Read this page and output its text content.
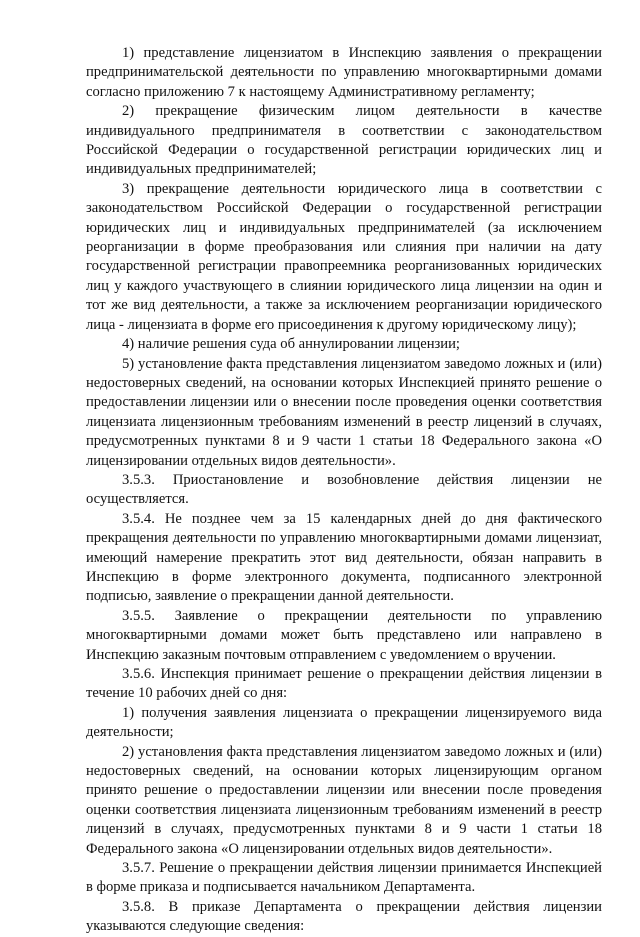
1) представление лицензиатом в Инспекцию заявления о прекращении предпринимательской деятельности по управлению многоквартирными домами согласно приложению 7 к настоящему Административному регламенту;

2) прекращение физическим лицом деятельности в качестве индивидуального предпринимателя в соответствии с законодательством Российской Федерации о государственной регистрации юридических лиц и индивидуальных предпринимателей;

3) прекращение деятельности юридического лица в соответствии с законодательством Российской Федерации о государственной регистрации юридических лиц и индивидуальных предпринимателей (за исключением реорганизации в форме преобразования или слияния при наличии на дату государственной регистрации правопреемника реорганизованных юридических лиц у каждого участвующего в слиянии юридического лица лицензии на один и тот же вид деятельности, а также за исключением реорганизации юридического лица - лицензиата в форме его присоединения к другому юридическому лицу);

4) наличие решения суда об аннулировании лицензии;

5) установление факта представления лицензиатом заведомо ложных и (или) недостоверных сведений, на основании которых Инспекцией принято решение о предоставлении лицензии или о внесении после проведения оценки соответствия лицензиата лицензионным требованиям изменений в реестр лицензий в случаях, предусмотренных пунктами 8 и 9 части 1 статьи 18 Федерального закона «О лицензировании отдельных видов деятельности».

3.5.3. Приостановление и возобновление действия лицензии не осуществляется.

3.5.4. Не позднее чем за 15 календарных дней до дня фактического прекращения деятельности по управлению многоквартирными домами лицензиат, имеющий намерение прекратить этот вид деятельности, обязан направить в Инспекцию в форме электронного документа, подписанного электронной подписью, заявление о прекращении данной деятельности.

3.5.5. Заявление о прекращении деятельности по управлению многоквартирными домами может быть представлено или направлено в Инспекцию заказным почтовым отправлением с уведомлением о вручении.

3.5.6. Инспекция принимает решение о прекращении действия лицензии в течение 10 рабочих дней со дня:

1) получения заявления лицензиата о прекращении лицензируемого вида деятельности;

2) установления факта представления лицензиатом заведомо ложных и (или) недостоверных сведений, на основании которых лицензирующим органом принято решение о предоставлении лицензии или внесении после проведения оценки соответствия лицензиата лицензионным требованиям изменений в реестр лицензий в случаях, предусмотренных пунктами 8 и 9 части 1 статьи 18 Федерального закона «О лицензировании отдельных видов деятельности».

3.5.7. Решение о прекращении действия лицензии принимается Инспекцией в форме приказа и подписывается начальником Департамента.

3.5.8. В приказе Департамента о прекращении действия лицензии указываются следующие сведения:
